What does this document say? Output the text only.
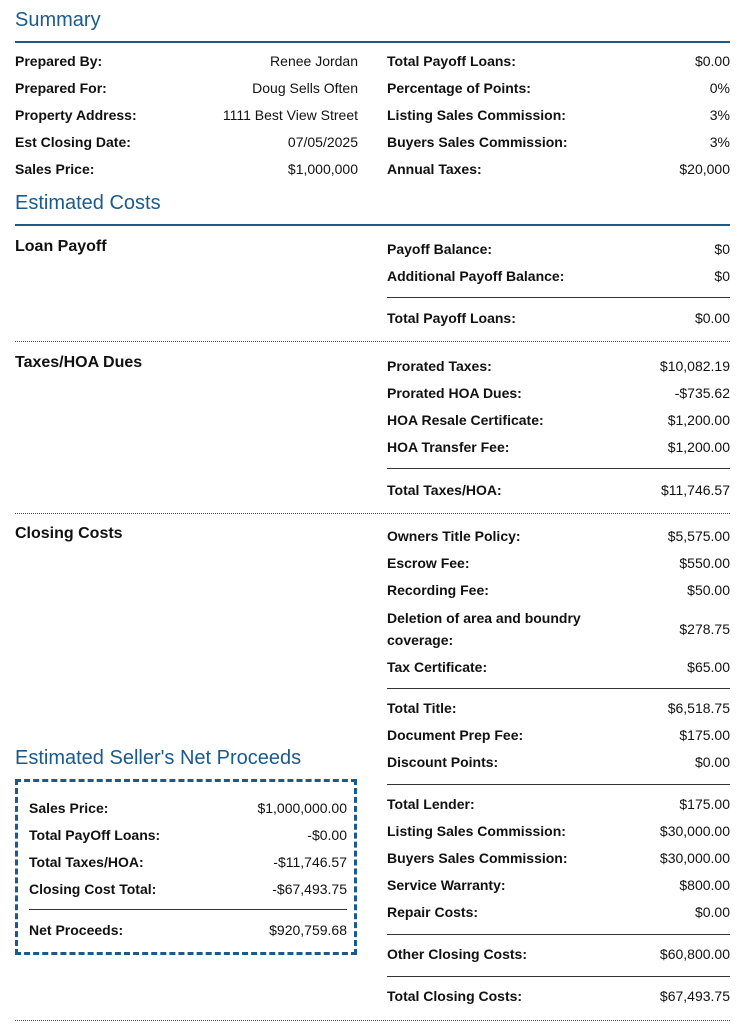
Summary
Prepared By:	Renee Jordan
Prepared For:	Doug Sells Often
Property Address:	1111 Best View Street
Est Closing Date:	07/05/2025
Sales Price:	$1,000,000
Total Payoff Loans:	$0.00
Percentage of Points:	0%
Listing Sales Commission:	3%
Buyers Sales Commission:	3%
Annual Taxes:	$20,000
Estimated Costs
Loan Payoff	Payoff Balance:	$0
Additional Payoff Balance:	$0
Total Payoff Loans:	$0.00
Taxes/HOA Dues	Prorated Taxes:	$10,082.19
Prorated HOA Dues:	-$735.62
HOA Resale Certificate:	$1,200.00
HOA Transfer Fee:	$1,200.00
Total Taxes/HOA:	$11,746.57
Closing Costs	Owners Title Policy:	$5,575.00
Escrow Fee:	$550.00
Recording Fee:	$50.00
Deletion of area and boundry coverage:
$278.75
Tax Certificate:	$65.00
Total Title:	$6,518.75
Document Prep Fee:	$175.00
Discount Points:	$0.00
Total Lender:	$175.00
Listing Sales Commission:	$30,000.00
Buyers Sales Commission:	$30,000.00
Service Warranty:	$800.00
Repair Costs:	$0.00
Other Closing Costs:	$60,800.00
Total Closing Costs:	$67,493.75
Estimated Seller's Net Proceeds
Sales Price:	$1,000,000.00
Total PayOff Loans:	-$0.00
Total Taxes/HOA:	-$11,746.57
Closing Cost Total:	-$67,493.75
Net Proceeds:	$920,759.68
